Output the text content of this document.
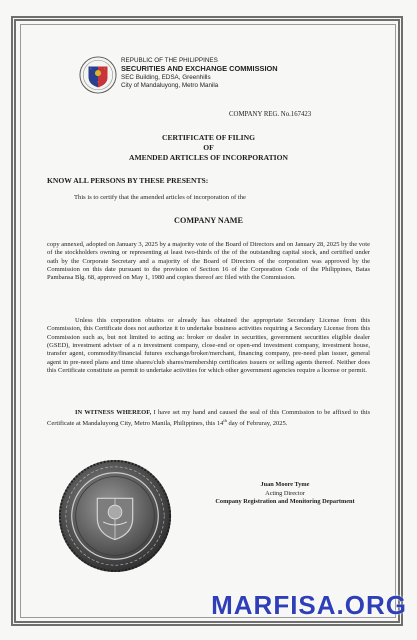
REPUBLIC OF THE PHILIPPINES
SECURITIES AND EXCHANGE COMMISSION
SEC Building, EDSA, Greenhills
City of Mandaluyong, Metro Manila
COMPANY REG. No.167423
CERTIFICATE OF FILING
OF
AMENDED ARTICLES OF INCORPORATION
KNOW ALL PERSONS BY THESE PRESENTS:
This is to certify that the amended articles of incorporation of the
COMPANY NAME
copy annexed, adopted on January 3, 2025 by a majority vote of the Board of Directors and on January 28, 2025 by the vote of the stockholders owning or representing at least two-thirds of the of the outstanding capital stock, and certified under oath by the Corporate Secretary and a majority of the Board of Directors of the corporation was approved by the Commission on this date pursuant to the provision of Section 16 of the Corporation Code of the Philippines, Batas Pambansa Blg. 68, approved on May 1, 1980 and copies thereof arc filed with the Commission.
Unless this corporation obtains or already has obtained the appropriate Secondary License from this Commission, this Certificate does not authorize it to undertake business activities requiring a Secondary License from this Commission such as, but not limited to acting as: broker or dealer in securities, government securities eligible dealer (GSED), investment adviser of a n investment company, close-end or open-end investment company, investment house, transfer agent, commodity/financial futures exchange/broker/merchant, financing company, pre-need plan issuer, general agent in pre-need plans and time shares/club shares/membership certificates issuers or selling agents thereof. Neither does this Certificate constitute as permit to undertake activities for which other government agencies require a license or permit.
IN WITNESS WHEREOF, I have set my hand and caused the seal of this Commission to be affixed to this Certificate at Mandaluyong City, Metro Manila, Philippines, this 14th day of Februray, 2025.
Juan Moore Tyme
Acting Director
Company Registration and Monitoring Department
MARFISA.ORG
